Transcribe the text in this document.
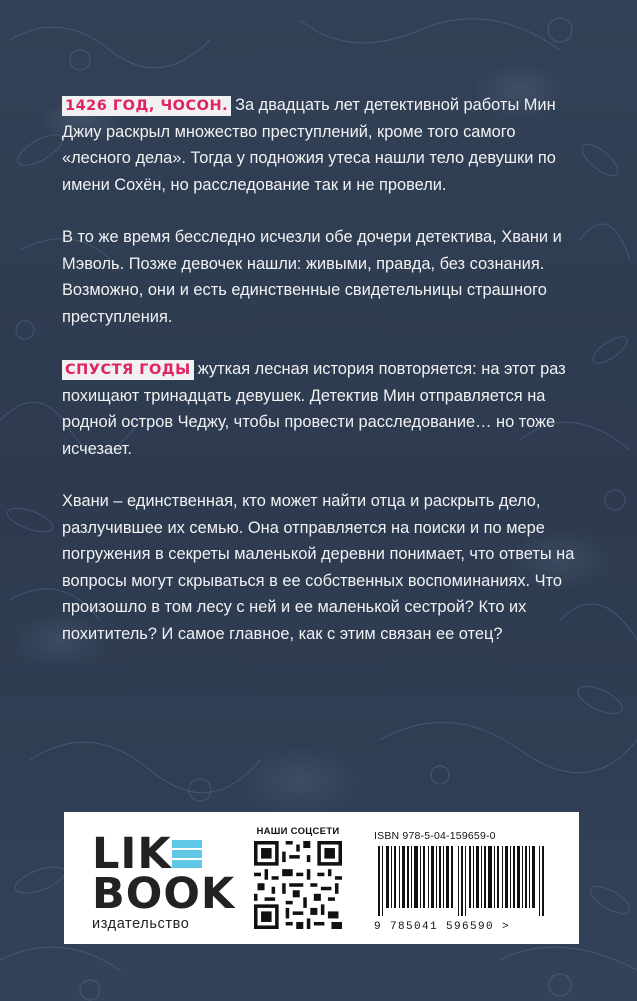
1426 ГОД, ЧОСОН. За двадцать лет детективной работы Мин Джиу раскрыл множество преступлений, кроме того самого «лесного дела». Тогда у подножия утеса нашли тело девушки по имени Сохён, но расследование так и не провели.

В то же время бесследно исчезли обе дочери детектива, Хвани и Мэволь. Позже девочек нашли: живыми, правда, без сознания. Возможно, они и есть единственные свидетельницы страшного преступления.

СПУСТЯ ГОДЫ жуткая лесная история повторяется: на этот раз похищают тринадцать девушек. Детектив Мин отправляется на родной остров Чеджу, чтобы провести расследование… но тоже исчезает.

Хвани – единственная, кто может найти отца и раскрыть дело, разлучившее их семью. Она отправляется на поиски и по мере погружения в секреты маленькой деревни понимает, что ответы на вопросы могут скрываться в ее собственных воспоминаниях. Что произошло в том лесу с ней и ее маленькой сестрой? Кто их похититель? И самое главное, как с этим связан ее отец?

LIK
BOOK
издательство
НАШИ СОЦСЕТИ	ISBN 978-5-04-159659-0
9 785041 596590 >
